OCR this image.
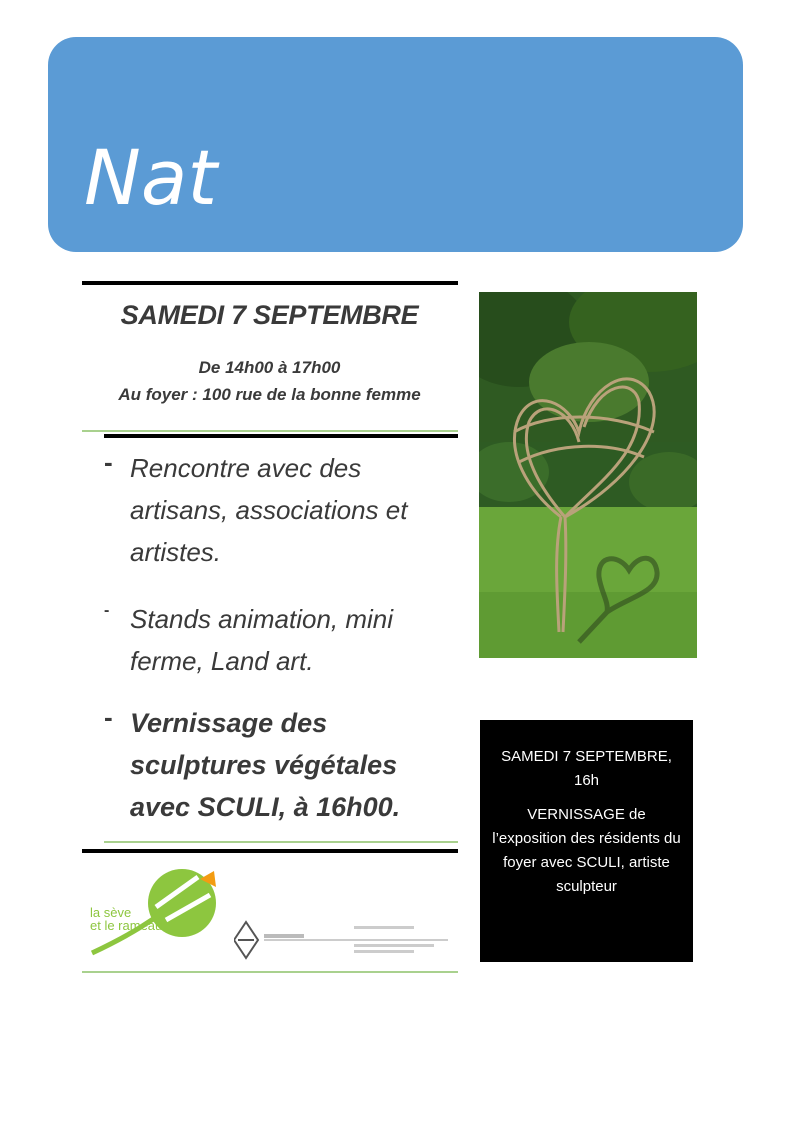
Nat
SAMEDI 7 SEPTEMBRE
De 14h00 à 17h00
Au foyer : 100 rue de la bonne femme
- Rencontre avec des artisans, associations et artistes.
- Stands animation, mini ferme, Land art.
- Vernissage des sculptures végétales avec SCULI, à 16h00.
SAMEDI 7 SEPTEMBRE, 16h
VERNISSAGE de l’exposition des résidents du foyer avec SCULI, artiste sculpteur
la sève
et le rameau
